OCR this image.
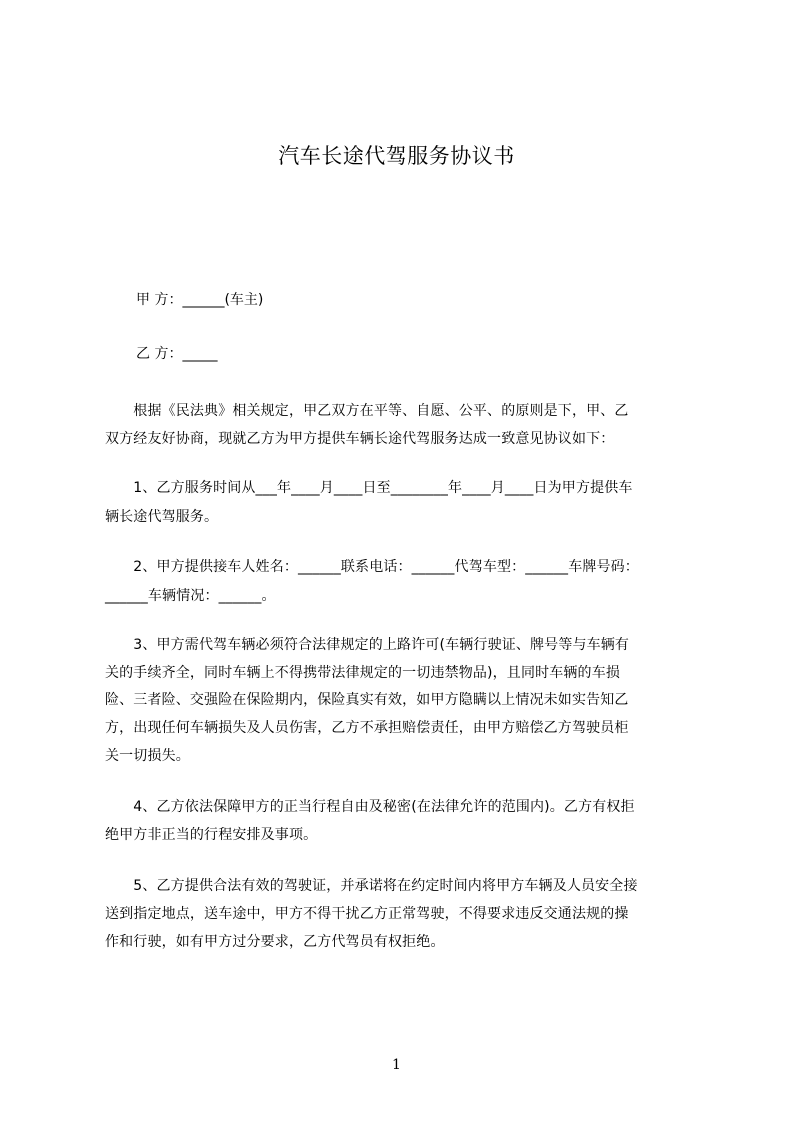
汽车长途代驾服务协议书
甲 方：______(车主)
乙 方：_____
　　根据《民法典》相关规定，甲乙双方在平等、自愿、公平、的原则是下，甲、乙
双方经友好协商，现就乙方为甲方提供车辆长途代驾服务达成一致意见协议如下：
　　1、乙方服务时间从___年____月____日至________年____月____日为甲方提供车
辆长途代驾服务。
　　2、甲方提供接车人姓名：______联系电话：______代驾车型：______车牌号码：
______车辆情况：______。
　　3、甲方需代驾车辆必须符合法律规定的上路许可(车辆行驶证、牌号等与车辆有
关的手续齐全，同时车辆上不得携带法律规定的一切违禁物品)，且同时车辆的车损
险、三者险、交强险在保险期内，保险真实有效，如甲方隐瞒以上情况未如实告知乙
方，出现任何车辆损失及人员伤害，乙方不承担赔偿责任，由甲方赔偿乙方驾驶员柜
关一切损失。
　　4、乙方依法保障甲方的正当行程自由及秘密(在法律允许的范围内)。乙方有权拒
绝甲方非正当的行程安排及事项。
　　5、乙方提供合法有效的驾驶证，并承诺将在约定时间内将甲方车辆及人员安全接
送到指定地点，送车途中，甲方不得干扰乙方正常驾驶，不得要求违反交通法规的操
作和行驶，如有甲方过分要求，乙方代驾员有权拒绝。
1
